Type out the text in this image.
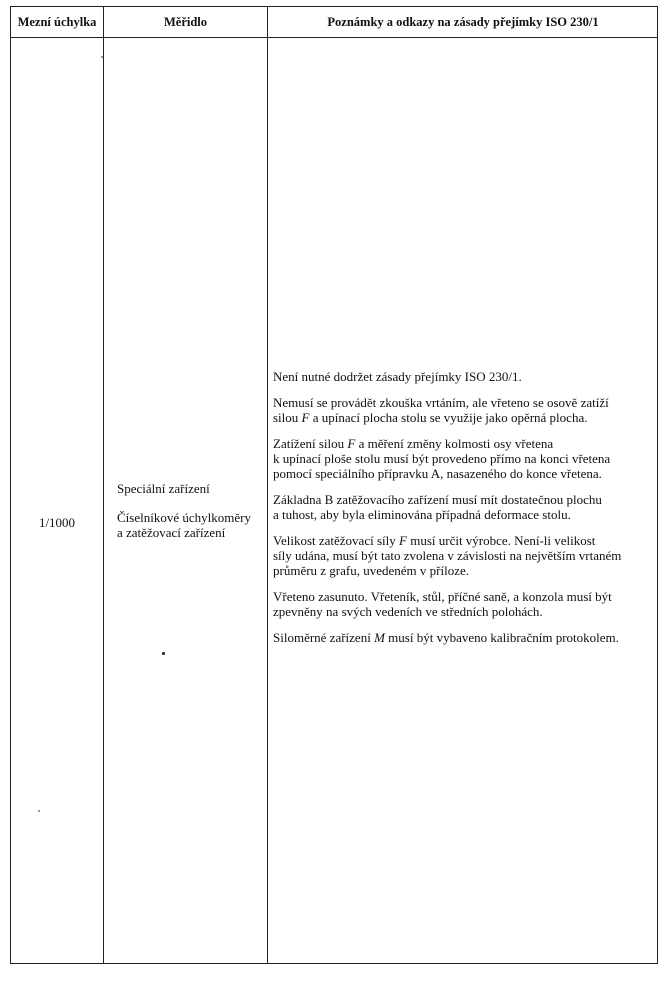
Mezní úchylka	Měřidlo	Poznámky a odkazy na zásady přejímky ISO 230/1
1/1000

Speciální zařízení

Číselníkové úchylkoměry
a zatěžovací zařízení

Není nutné dodržet zásady přejímky ISO 230/1.

Nemusí se provádět zkouška vrtáním, ale vřeteno se osově zatíží
silou F a upínací plocha stolu se využije jako opěrná plocha.

Zatížení silou F a měření změny kolmosti osy vřetena
k upínací ploše stolu musí být provedeno přímo na konci vřetena
pomocí speciálního přípravku A, nasazeného do konce vřetena.

Základna B zatěžovacího zařízení musí mít dostatečnou plochu
a tuhost, aby byla eliminována případná deformace stolu.

Velikost zatěžovací síly F musí určit výrobce. Není-li velikost
síly udána, musí být tato zvolena v závislosti na největším vrtaném
průměru z grafu, uvedeném v příloze.

Vřeteno zasunuto. Vřeteník, stůl, příčné saně, a konzola musí být
zpevněny na svých vedeních ve středních polohách.

Siloměrné zařízení M musí být vybaveno kalibračním protokolem.
